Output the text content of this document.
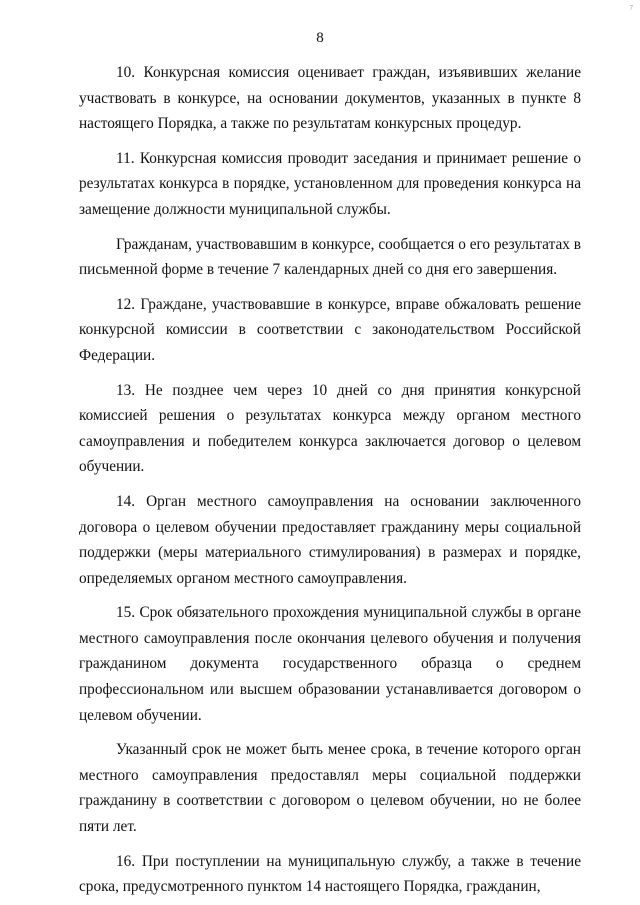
7
8

10. Конкурсная комиссия оценивает граждан, изъявивших желание участвовать в конкурсе, на основании документов, указанных в пункте 8 настоящего Порядка, а также по результатам конкурсных процедур.

11. Конкурсная комиссия проводит заседания и принимает решение о результатах конкурса в порядке, установленном для проведения конкурса на замещение должности муниципальной службы.

Гражданам, участвовавшим в конкурсе, сообщается о его результатах в письменной форме в течение 7 календарных дней со дня его завершения.

12. Граждане, участвовавшие в конкурсе, вправе обжаловать решение конкурсной комиссии в соответствии с законодательством Российской Федерации.

13. Не позднее чем через 10 дней со дня принятия конкурсной комиссией решения о результатах конкурса между органом местного самоуправления и победителем конкурса заключается договор о целевом обучении.

14. Орган местного самоуправления на основании заключенного договора о целевом обучении предоставляет гражданину меры социальной поддержки (меры материального стимулирования) в размерах и порядке, определяемых органом местного самоуправления.

15. Срок обязательного прохождения муниципальной службы в органе местного самоуправления после окончания целевого обучения и получения гражданином документа государственного образца о среднем профессиональном или высшем образовании устанавливается договором о целевом обучении.

Указанный срок не может быть менее срока, в течение которого орган местного самоуправления предоставлял меры социальной поддержки гражданину в соответствии с договором о целевом обучении, но не более пяти лет.

16. При поступлении на муниципальную службу, а также в течение срока, предусмотренного пунктом 14 настоящего Порядка, гражданин,
